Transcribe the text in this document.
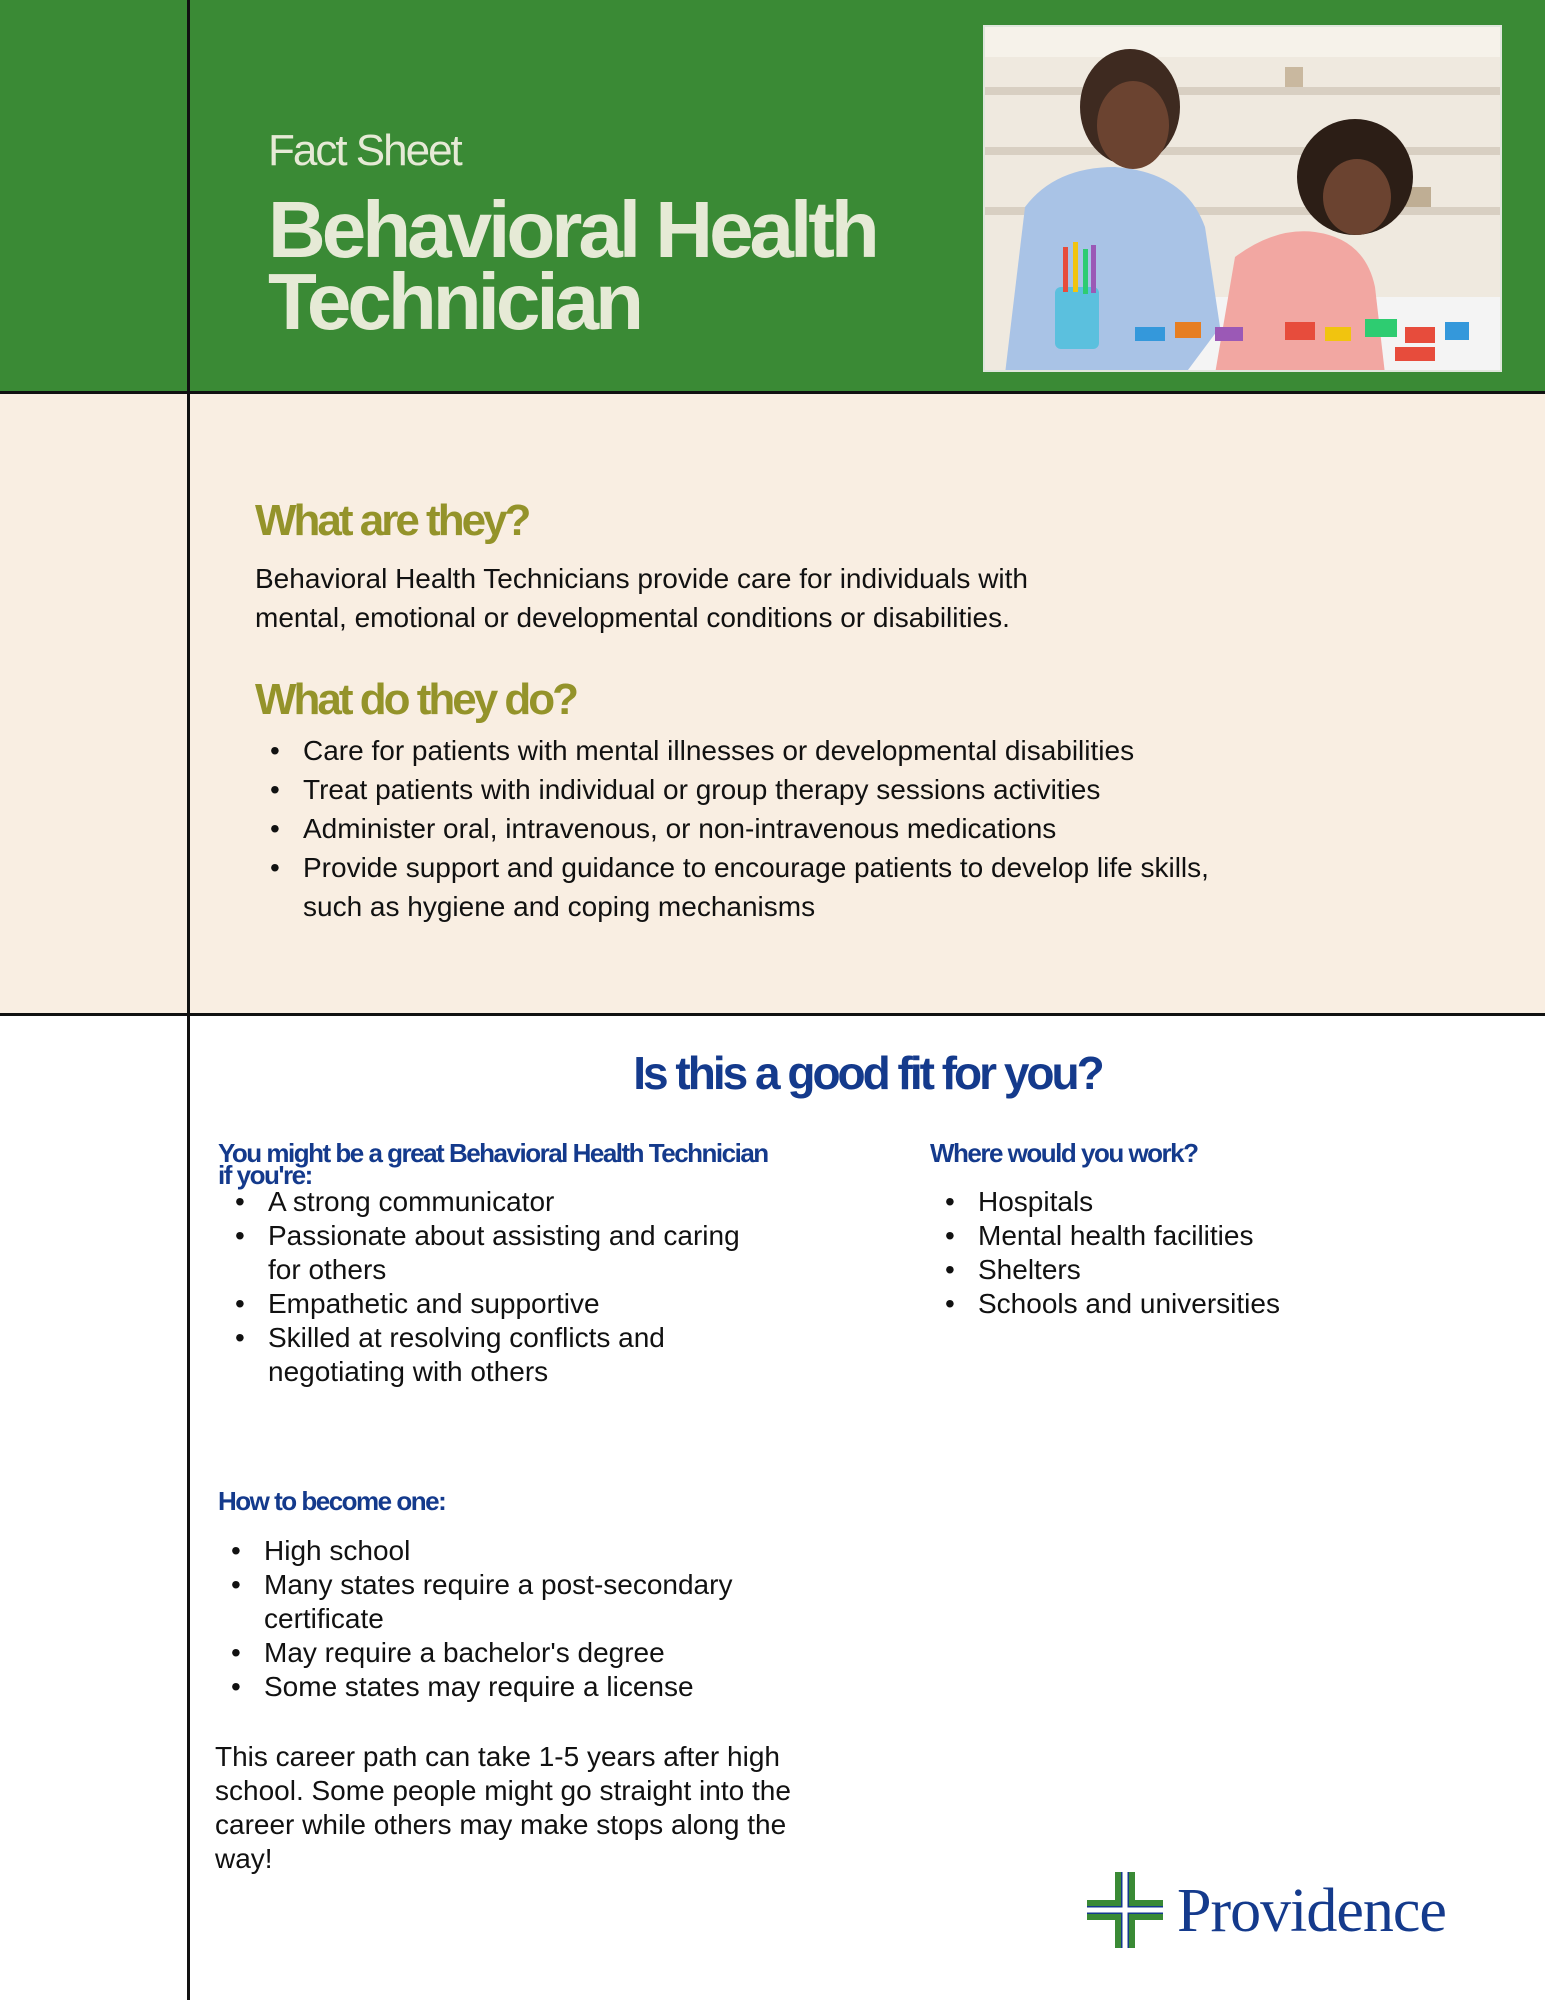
Fact Sheet
Behavioral Health Technician
What are they?
Behavioral Health Technicians provide care for individuals with
mental, emotional or developmental conditions or disabilities.
What do they do?
• Care for patients with mental illnesses or developmental disabilities
• Treat patients with individual or group therapy sessions activities
• Administer oral, intravenous, or non-intravenous medications
• Provide support and guidance to encourage patients to develop life skills, such as hygiene and coping mechanisms
Is this a good fit for you?
You might be a great Behavioral Health Technician
if you're:
• A strong communicator
• Passionate about assisting and caring for others
• Empathetic and supportive
• Skilled at resolving conflicts and negotiating with others
Where would you work?
• Hospitals
• Mental health facilities
• Shelters
• Schools and universities
How to become one:
• High school
• Many states require a post-secondary certificate
• May require a bachelor's degree
• Some states may require a license
This career path can take 1-5 years after high school. Some people might go straight into the career while others may make stops along the way!
Providence
